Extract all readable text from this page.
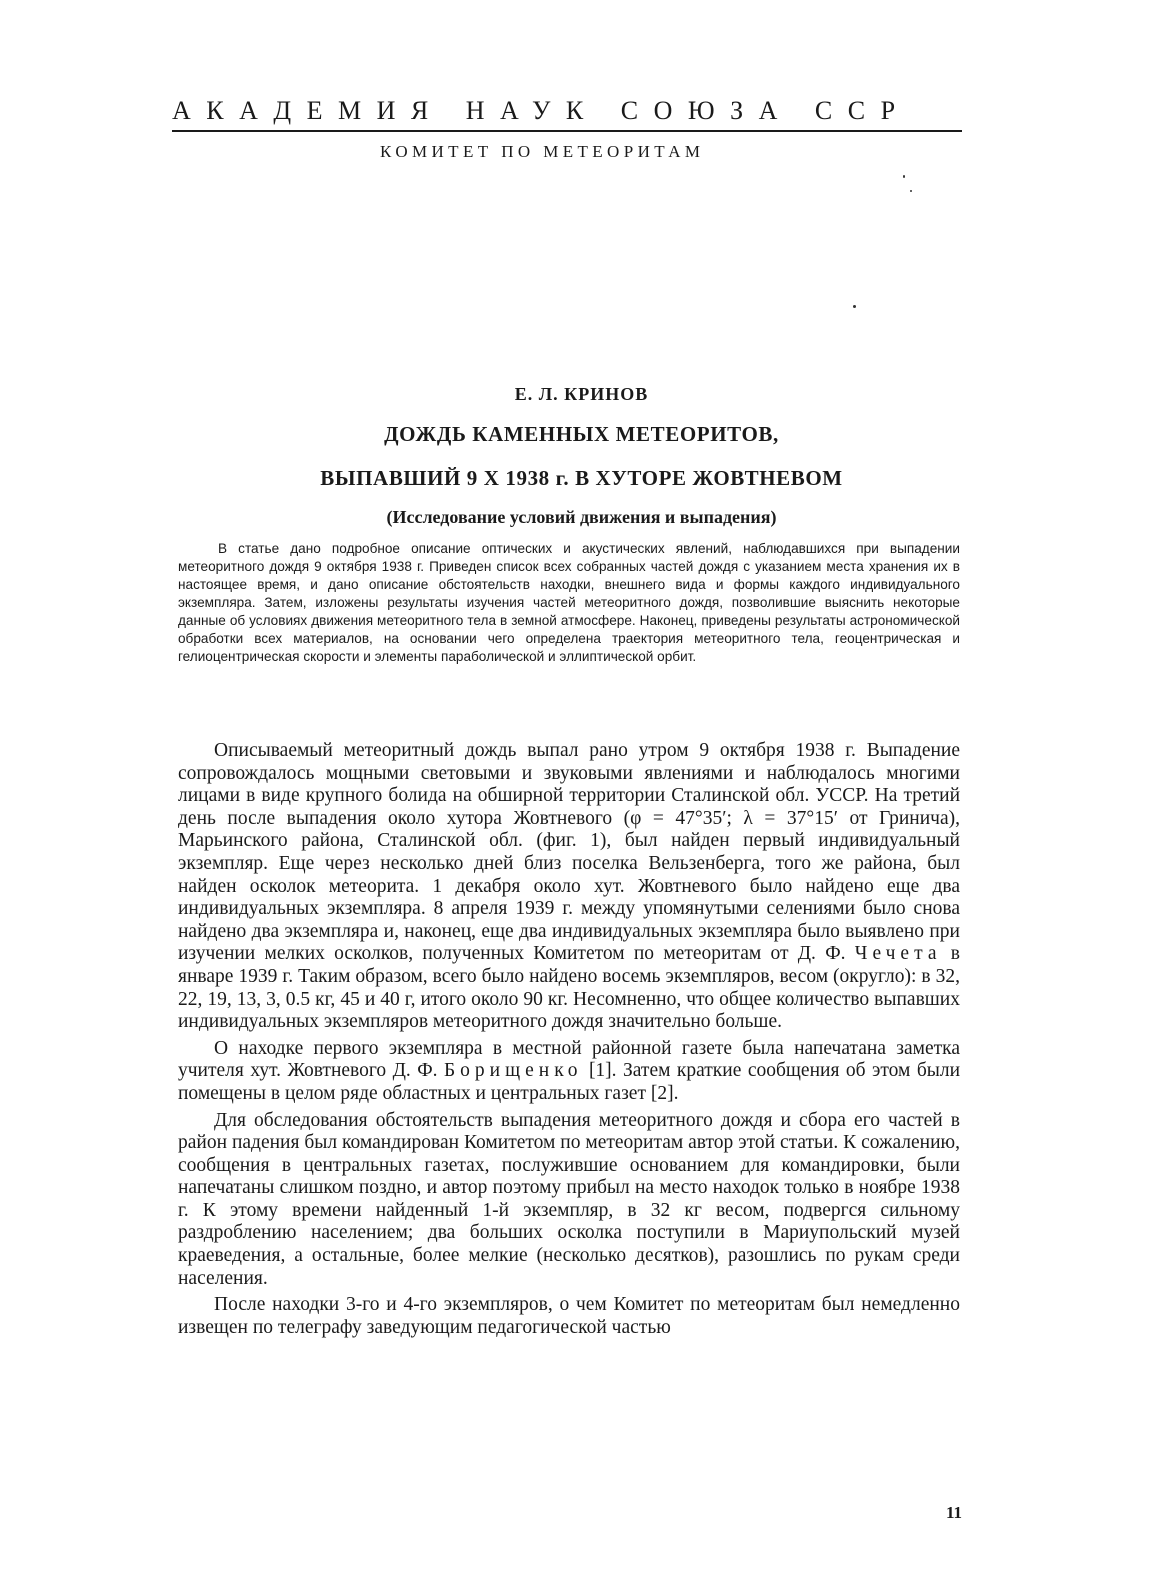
АКАДЕМИЯ НАУК СОЮЗА ССР
КОМИТЕТ ПО МЕТЕОРИТАМ
Е. Л. КРИНОВ
ДОЖДЬ КАМЕННЫХ МЕТЕОРИТОВ,
ВЫПАВШИЙ 9 X 1938 г. В ХУТОРЕ ЖОВТНЕВОМ
(Исследование условий движения и выпадения)

В статье дано подробное описание оптических и акустических явлений, наблюдавшихся при выпадении метеоритного дождя 9 октября 1938 г. Приведен список всех собранных частей дождя с указанием места хранения их в настоящее время, и дано описание обстоятельств находки, внешнего вида и формы каждого индивидуального экземпляра. Затем, изложены результаты изучения частей метеоритного дождя, позволившие выяснить некоторые данные об условиях движения метеоритного тела в земной атмосфере. Наконец, приведены результаты астрономической обработки всех материалов, на основании чего определена траектория метеоритного тела, геоцентрическая и гелиоцентрическая скорости и элементы параболической и эллиптической орбит.

Описываемый метеоритный дождь выпал рано утром 9 октября 1938 г. Выпадение сопровождалось мощными световыми и звуковыми явлениями и наблюдалось многими лицами в виде крупного болида на обширной территории Сталинской обл. УССР. На третий день после выпадения около хутора Жовтневого (φ = 47°35′; λ = 37°15′ от Гринича), Марьинского района, Сталинской обл. (фиг. 1), был найден первый индивидуальный экземпляр. Еще через несколько дней близ поселка Вельзенберга, того же района, был найден осколок метеорита. 1 декабря около хут. Жовтневого было найдено еще два индивидуальных экземпляра. 8 апреля 1939 г. между упомянутыми селениями было снова найдено два экземпляра и, наконец, еще два индивидуальных экземпляра было выявлено при изучении мелких осколков, полученных Комитетом по метеоритам от Д. Ф. Чечета в январе 1939 г. Таким образом, всего было найдено восемь экземпляров, весом (округло): в 32, 22, 19, 13, 3, 0.5 кг, 45 и 40 г, итого около 90 кг. Несомненно, что общее количество выпавших индивидуальных экземпляров метеоритного дождя значительно больше.

О находке первого экземпляра в местной районной газете была напечатана заметка учителя хут. Жовтневого Д. Ф. Борищенко [1]. Затем краткие сообщения об этом были помещены в целом ряде областных и центральных газет [2].

Для обследования обстоятельств выпадения метеоритного дождя и сбора его частей в район падения был командирован Комитетом по метеоритам автор этой статьи. К сожалению, сообщения в центральных газетах, послужившие основанием для командировки, были напечатаны слишком поздно, и автор поэтому прибыл на место находок только в ноябре 1938 г. К этому времени найденный 1-й экземпляр, в 32 кг весом, подвергся сильному раздроблению населением; два больших осколка поступили в Мариупольский музей краеведения, а остальные, более мелкие (несколько десятков), разошлись по рукам среди населения.

После находки 3-го и 4-го экземпляров, о чем Комитет по метеоритам был немедленно извещен по телеграфу заведующим педагогической частью

11
